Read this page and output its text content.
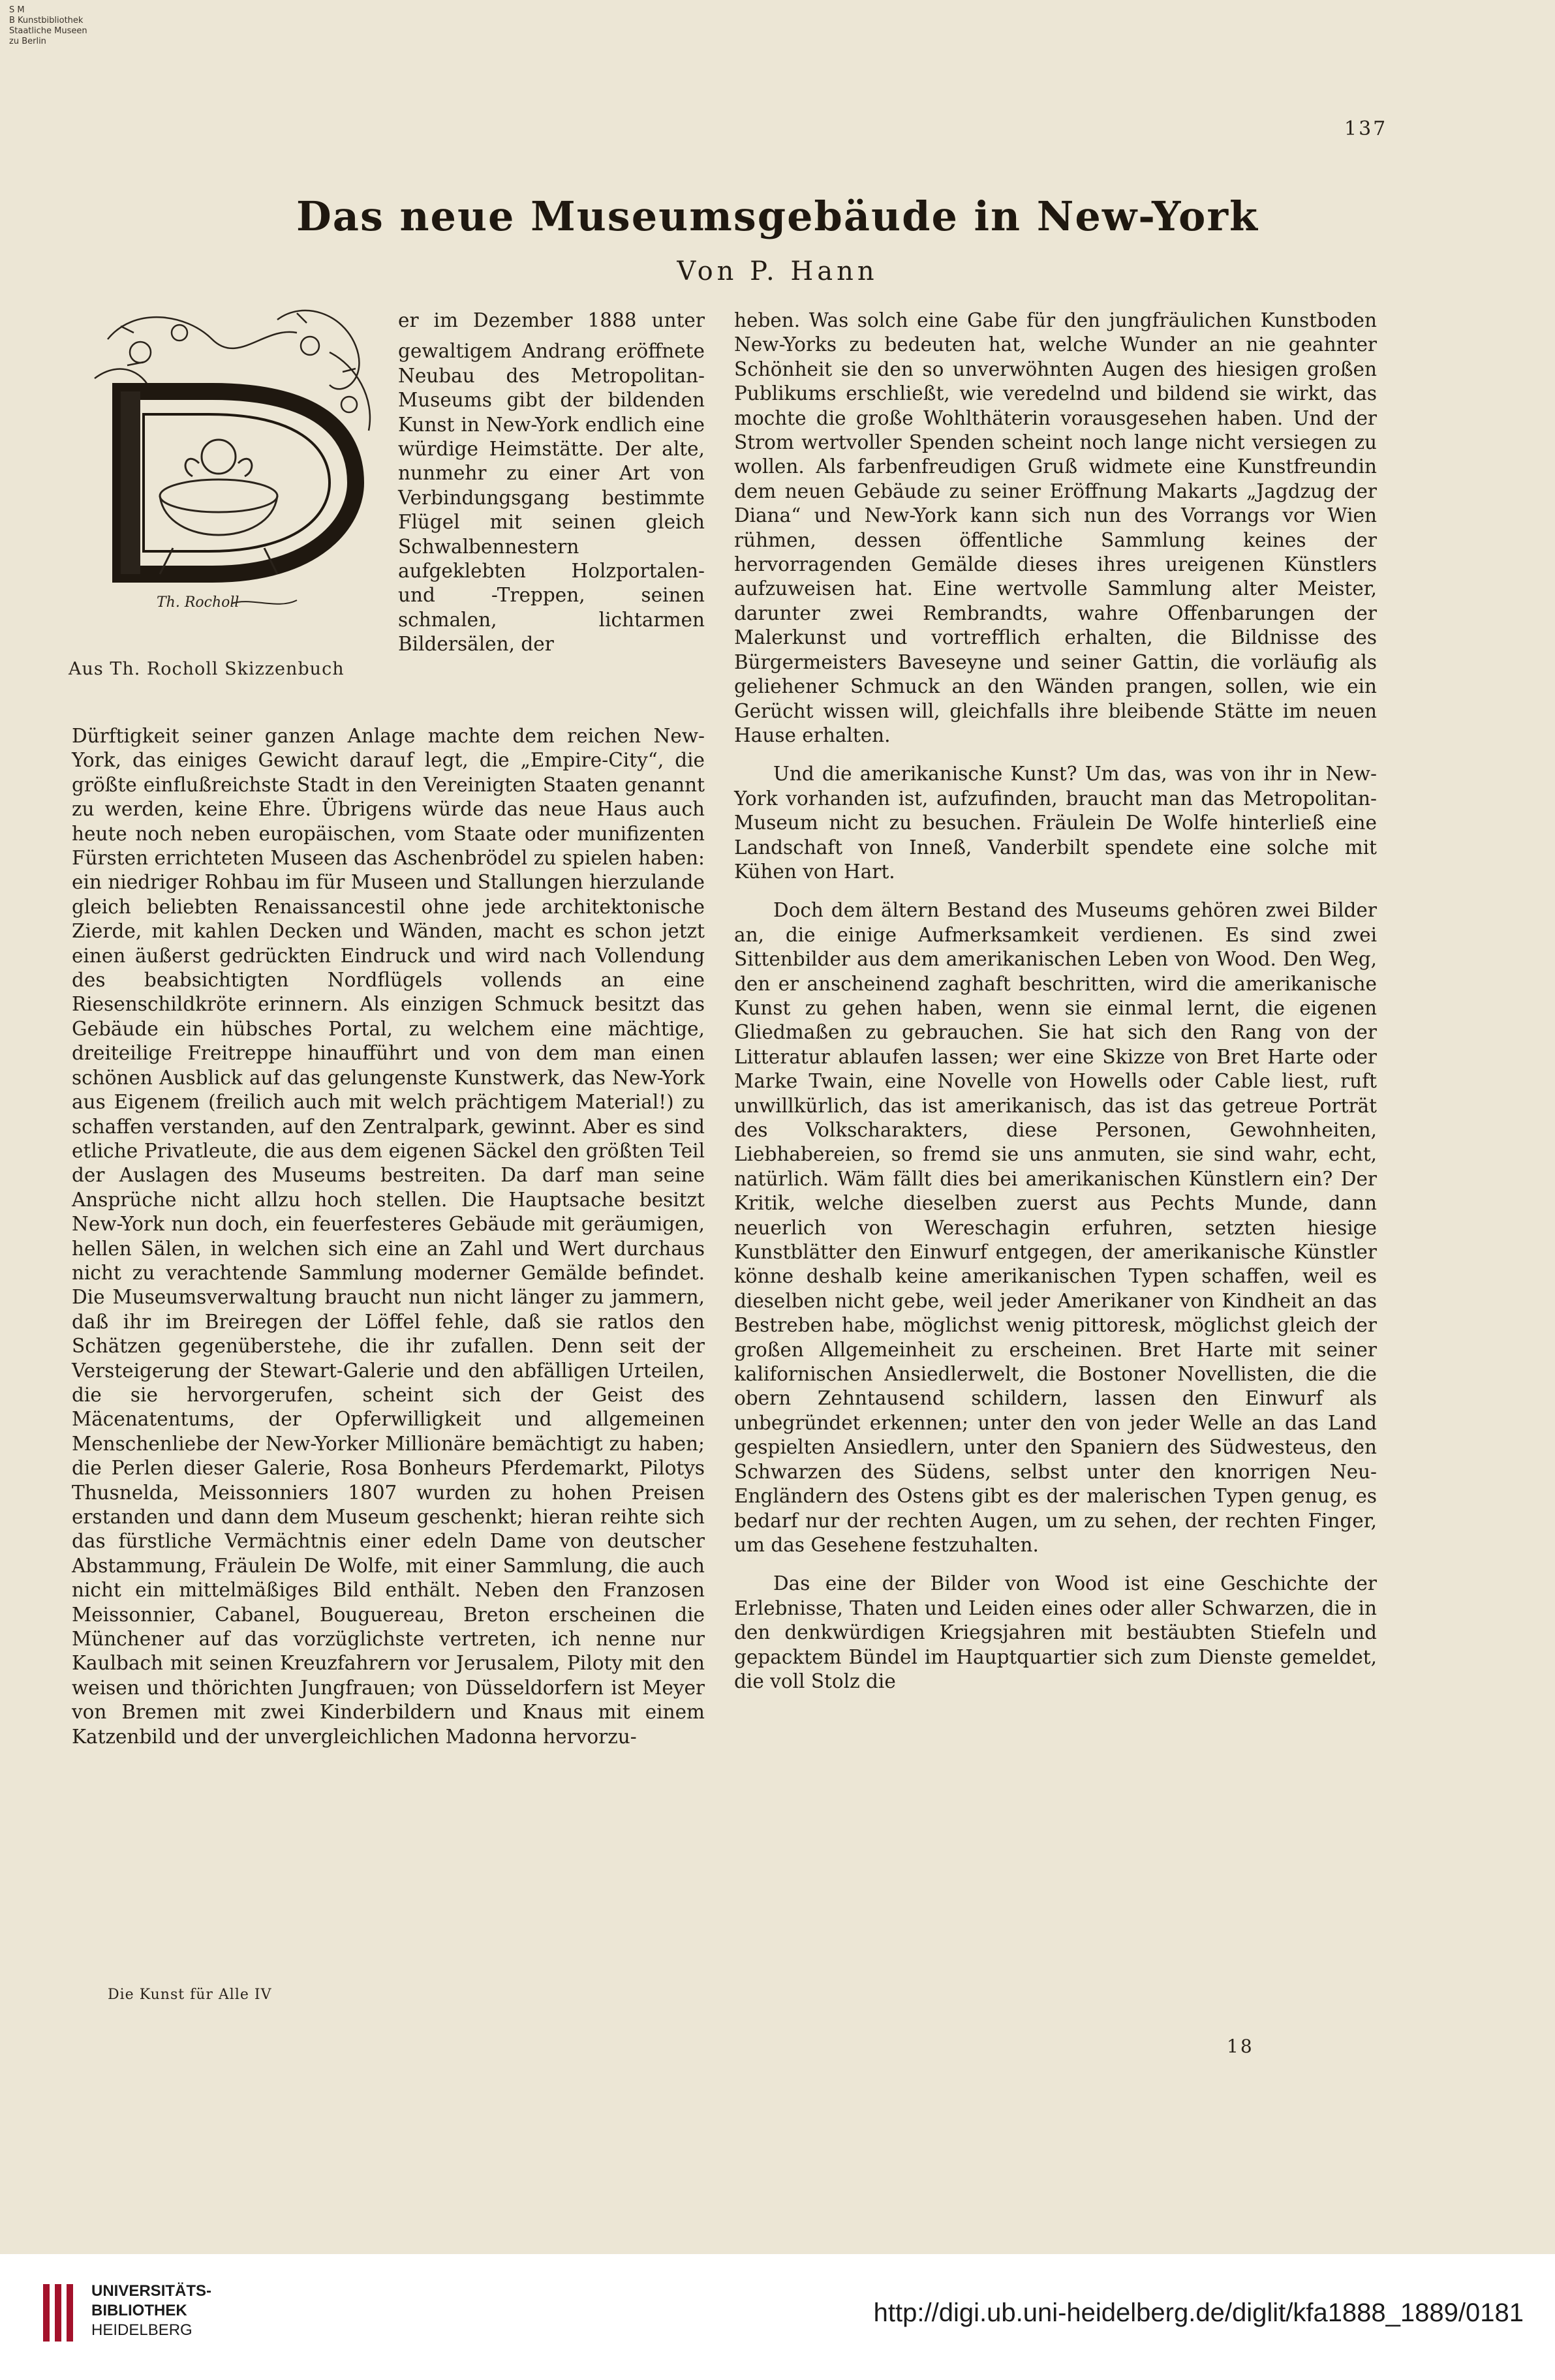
S M
B Kunstbibliothek
Staatliche Museen
zu Berlin
137
Das neue Museumsgebäude in New-York
Von P. Hann
Th. Rocholl
Aus Th. Rocholl Skizzenbuch

er im Dezember 1888 unter gewaltigem Andrang eröffnete Neubau des Metropolitan-Museums gibt der bildenden Kunst in New-York endlich eine würdige Heimstätte. Der alte, nunmehr zu einer Art von Verbindungsgang bestimmte Flügel mit seinen gleich Schwalbennestern aufgeklebten Holzportalen- und -Treppen, seinen schmalen, lichtarmen Bildersälen, der

Dürftigkeit seiner ganzen Anlage machte dem reichen New-York, das einiges Gewicht darauf legt, die „Empire-City“, die größte einflußreichste Stadt in den Vereinigten Staaten genannt zu werden, keine Ehre. Übrigens würde das neue Haus auch heute noch neben europäischen, vom Staate oder munifizenten Fürsten errichteten Museen das Aschenbrödel zu spielen haben: ein niedriger Rohbau im für Museen und Stallungen hierzulande gleich beliebten Renaissancestil ohne jede architektonische Zierde, mit kahlen Decken und Wänden, macht es schon jetzt einen äußerst gedrückten Eindruck und wird nach Vollendung des beabsichtigten Nordflügels vollends an eine Riesenschildkröte erinnern. Als einzigen Schmuck besitzt das Gebäude ein hübsches Portal, zu welchem eine mächtige, dreiteilige Freitreppe hinaufführt und von dem man einen schönen Ausblick auf das gelungenste Kunstwerk, das New-York aus Eigenem (freilich auch mit welch prächtigem Material!) zu schaffen verstanden, auf den Zentralpark, gewinnt. Aber es sind etliche Privatleute, die aus dem eigenen Säckel den größten Teil der Auslagen des Museums bestreiten. Da darf man seine Ansprüche nicht allzu hoch stellen. Die Hauptsache besitzt New-York nun doch, ein feuerfesteres Gebäude mit geräumigen, hellen Sälen, in welchen sich eine an Zahl und Wert durchaus nicht zu verachtende Sammlung moderner Gemälde befindet. Die Museumsverwaltung braucht nun nicht länger zu jammern, daß ihr im Breiregen der Löffel fehle, daß sie ratlos den Schätzen gegenüberstehe, die ihr zufallen. Denn seit der Versteigerung der Stewart-Galerie und den abfälligen Urteilen, die sie hervorgerufen, scheint sich der Geist des Mäcenatentums, der Opferwilligkeit und allgemeinen Menschenliebe der New-Yorker Millionäre bemächtigt zu haben; die Perlen dieser Galerie, Rosa Bonheurs Pferdemarkt, Pilotys Thusnelda, Meissonniers 1807 wurden zu hohen Preisen erstanden und dann dem Museum geschenkt; hieran reihte sich das fürstliche Vermächtnis einer edeln Dame von deutscher Abstammung, Fräulein De Wolfe, mit einer Sammlung, die auch nicht ein mittelmäßiges Bild enthält. Neben den Franzosen Meissonnier, Cabanel, Bouguereau, Breton erscheinen die Münchener auf das vorzüglichste vertreten, ich nenne nur Kaulbach mit seinen Kreuzfahrern vor Jerusalem, Piloty mit den weisen und thörichten Jungfrauen; von Düsseldorfern ist Meyer von Bremen mit zwei Kinderbildern und Knaus mit einem Katzenbild und der unvergleichlichen Madonna hervorzu-

heben. Was solch eine Gabe für den jungfräulichen Kunstboden New-Yorks zu bedeuten hat, welche Wunder an nie geahnter Schönheit sie den so unverwöhnten Augen des hiesigen großen Publikums erschließt, wie veredelnd und bildend sie wirkt, das mochte die große Wohlthäterin vorausgesehen haben. Und der Strom wertvoller Spenden scheint noch lange nicht versiegen zu wollen. Als farbenfreudigen Gruß widmete eine Kunstfreundin dem neuen Gebäude zu seiner Eröffnung Makarts „Jagdzug der Diana“ und New-York kann sich nun des Vorrangs vor Wien rühmen, dessen öffentliche Sammlung keines der hervorragenden Gemälde dieses ihres ureigenen Künstlers aufzuweisen hat. Eine wertvolle Sammlung alter Meister, darunter zwei Rembrandts, wahre Offenbarungen der Malerkunst und vortrefflich erhalten, die Bildnisse des Bürgermeisters Baveseyne und seiner Gattin, die vorläufig als geliehener Schmuck an den Wänden prangen, sollen, wie ein Gerücht wissen will, gleichfalls ihre bleibende Stätte im neuen Hause erhalten.

Und die amerikanische Kunst? Um das, was von ihr in New-York vorhanden ist, aufzufinden, braucht man das Metropolitan-Museum nicht zu besuchen. Fräulein De Wolfe hinterließ eine Landschaft von Inneß, Vanderbilt spendete eine solche mit Kühen von Hart.

Doch dem ältern Bestand des Museums gehören zwei Bilder an, die einige Aufmerksamkeit verdienen. Es sind zwei Sittenbilder aus dem amerikanischen Leben von Wood. Den Weg, den er anscheinend zaghaft beschritten, wird die amerikanische Kunst zu gehen haben, wenn sie einmal lernt, die eigenen Gliedmaßen zu gebrauchen. Sie hat sich den Rang von der Litteratur ablaufen lassen; wer eine Skizze von Bret Harte oder Marke Twain, eine Novelle von Howells oder Cable liest, ruft unwillkürlich, das ist amerikanisch, das ist das getreue Porträt des Volkscharakters, diese Personen, Gewohnheiten, Liebhabereien, so fremd sie uns anmuten, sie sind wahr, echt, natürlich. Wäm fällt dies bei amerikanischen Künstlern ein? Der Kritik, welche dieselben zuerst aus Pechts Munde, dann neuerlich von Wereschagin erfuhren, setzten hiesige Kunstblätter den Einwurf entgegen, der amerikanische Künstler könne deshalb keine amerikanischen Typen schaffen, weil es dieselben nicht gebe, weil jeder Amerikaner von Kindheit an das Bestreben habe, möglichst wenig pittoresk, möglichst gleich der großen Allgemeinheit zu erscheinen. Bret Harte mit seiner kalifornischen Ansiedlerwelt, die Bostoner Novellisten, die die obern Zehntausend schildern, lassen den Einwurf als unbegründet erkennen; unter den von jeder Welle an das Land gespielten Ansiedlern, unter den Spaniern des Südwesteus, den Schwarzen des Südens, selbst unter den knorrigen Neu-Engländern des Ostens gibt es der malerischen Typen genug, es bedarf nur der rechten Augen, um zu sehen, der rechten Finger, um das Gesehene festzuhalten.

Das eine der Bilder von Wood ist eine Geschichte der Erlebnisse, Thaten und Leiden eines oder aller Schwarzen, die in den denkwürdigen Kriegsjahren mit bestäubten Stiefeln und gepacktem Bündel im Hauptquartier sich zum Dienste gemeldet, die voll Stolz die

Die Kunst für Alle IV
18
UNIVERSITÄTS-
BIBLIOTHEK
HEIDELBERG
http://digi.ub.uni-heidelberg.de/diglit/kfa1888_1889/0181
